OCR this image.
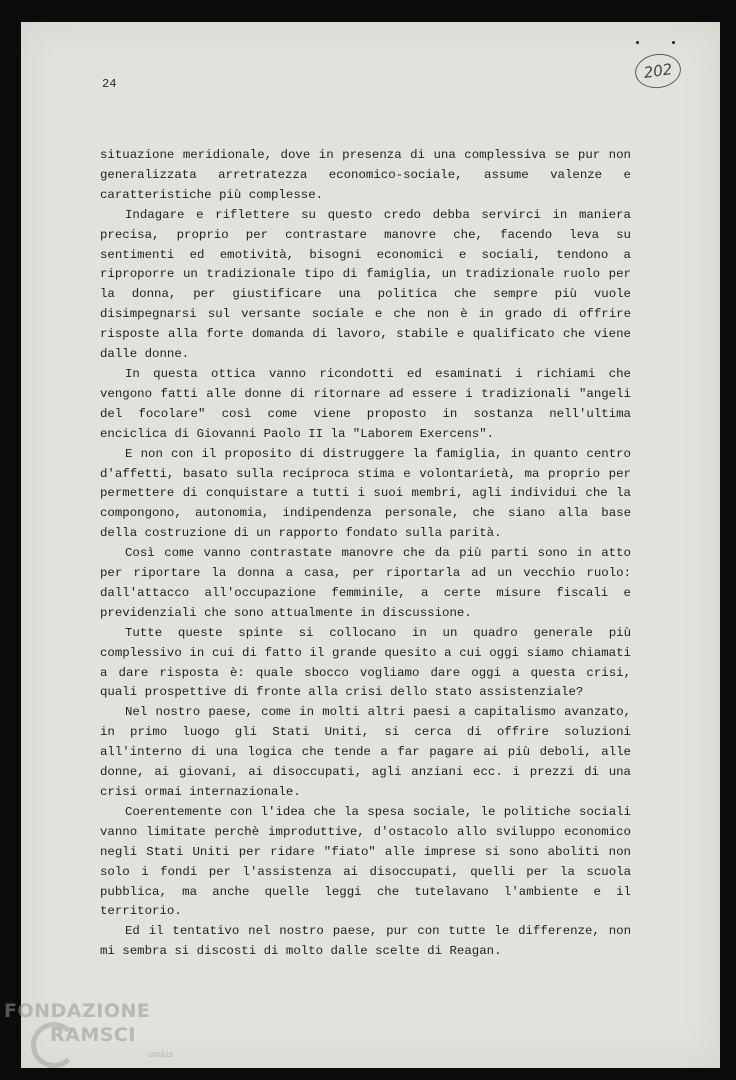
24
202

situazione meridionale, dove in presenza di una complessiva se pur non generalizzata arretratezza economico-sociale, assume valenze e caratteristiche più complesse.

Indagare e riflettere su questo credo debba servirci in maniera precisa, proprio per contrastare manovre che, facendo leva su sentimenti ed emotività, bisogni economici e sociali, tendono a riproporre un tradizionale tipo di famiglia, un tradizionale ruolo per la donna, per giustificare una politica che sempre più vuole disimpegnarsi sul versante sociale e che non è in grado di offrire risposte alla forte domanda di lavoro, stabile e qualificato che viene dalle donne.

In questa ottica vanno ricondotti ed esaminati i richiami che vengono fatti alle donne di ritornare ad essere i tradizionali "angeli del focolare" così come viene proposto in sostanza nell'ultima enciclica di Giovanni Paolo II la "Laborem Exercens".

E non con il proposito di distruggere la famiglia, in quanto centro d'affetti, basato sulla reciproca stima e volontarietà, ma proprio per permettere di conquistare a tutti i suoi membri, agli individui che la compongono, autonomia, indipendenza personale, che siano alla base della costruzione di un rapporto fondato sulla parità.

Così come vanno contrastate manovre che da più parti sono in atto per riportare la donna a casa, per riportarla ad un vecchio ruolo: dall'attacco all'occupazione femminile, a certe misure fiscali e previdenziali che sono attualmente in discussione.

Tutte queste spinte si collocano in un quadro generale più complessivo in cui di fatto il grande quesito a cui oggi siamo chiamati a dare risposta è: quale sbocco vogliamo dare oggi a questa crisi, quali prospettive di fronte alla crisi dello stato assistenziale?

Nel nostro paese, come in molti altri paesi a capitalismo avanzato, in primo luogo gli Stati Uniti, si cerca di offrire soluzioni all'interno di una logica che tende a far pagare ai più deboli, alle donne, ai giovani, ai disoccupati, agli anziani ecc. i prezzi di una crisi ormai internazionale.

Coerentemente con l'idea che la spesa sociale, le politiche sociali vanno limitate perchè improduttive, d'ostacolo allo sviluppo economico negli Stati Uniti per ridare "fiato" alle imprese si sono aboliti non solo i fondi per l'assistenza ai disoccupati, quelli per la scuola pubblica, ma anche quelle leggi che tutelavano l'ambiente e il territorio.

Ed il tentativo nel nostro paese, pur con tutte le differenze, non mi sembra si discosti di molto dalle scelte di Reagan.

FONDAZIONE
RAMSCI
onlus
